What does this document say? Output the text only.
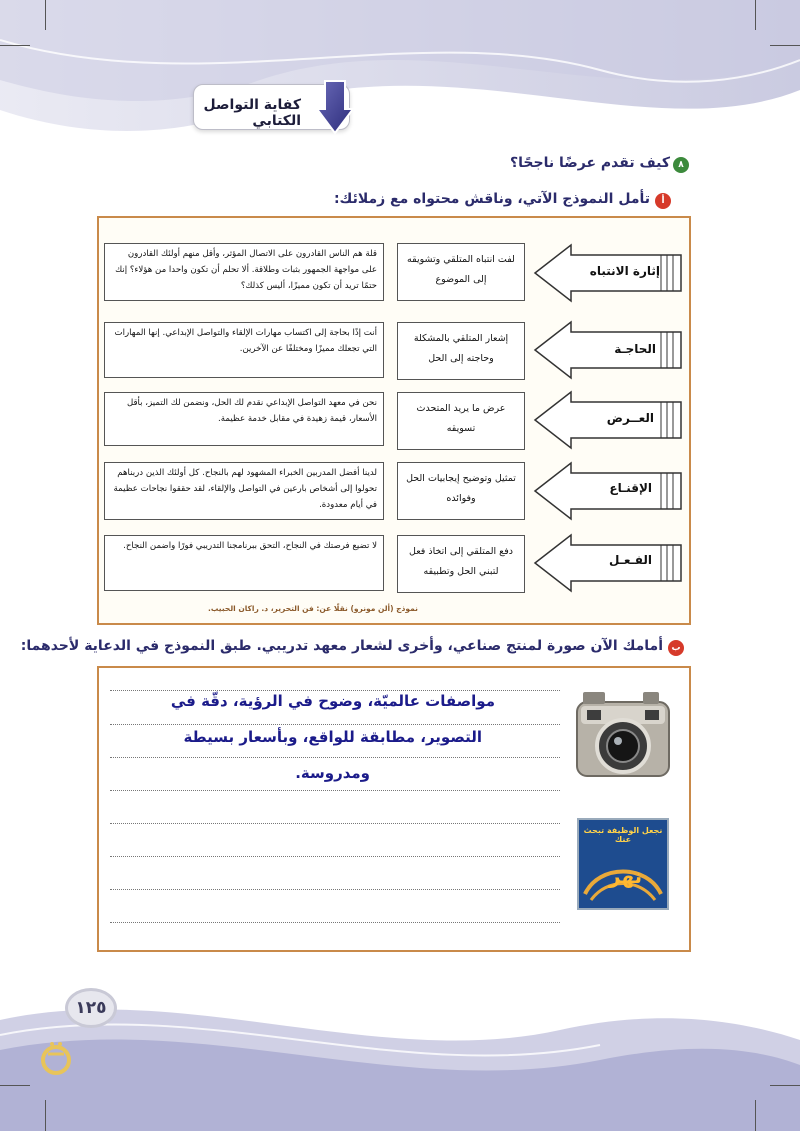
كفاية التواصل الكتابي
٨
كيف تقدم عرضًا ناجحًا؟
أ
تأمل النموذج الآتي، وناقش محتواه مع زملائك:
قلة هم الناس القادرون على الاتصال المؤثر، وأقل منهم أولئك القادرون على مواجهة الجمهور بثبات وطلاقة. ألا تحلم أن تكون واحدا من هؤلاء؟ إنك حتمًا تريد أن تكون مميزًا، أليس كذلك؟
لفت انتباه المتلقي وتشويقه إلى الموضوع
إثارة الانتباه
أنت إذًا بحاجة إلى اكتساب مهارات الإلقاء والتواصل الإبداعي. إنها المهارات التي تجعلك مميزًا ومختلفًا عن الآخرين.
إشعار المتلقي بالمشكلة وحاجته إلى الحل
الحاجـة
نحن في معهد التواصل الإبداعي نقدم لك الحل، ونضمن لك التميز، بأقل الأسعار، قيمة زهيدة في مقابل خدمة عظيمة.
عرض ما يريد المتحدث تسويقه
العــرض
لدينا أفضل المدربين الخبراء المشهود لهم بالنجاح. كل أولئك الذين دربناهم تحولوا إلى أشخاص بارعين في التواصل والإلقاء، لقد حققوا نجاحات عظيمة في أيام معدودة.
تمثيل وتوضيح إيجابيات الحل وفوائده
الإقنـاع
لا تضيع فرصتك في النجاح، التحق ببرنامجنا التدريبي فورًا واضمن النجاح.	دفع المتلقي إلى اتخاذ فعل لتبني الحل وتطبيقه
الفـعـل
نموذج (ألن مونرو) نقلًا عن: فن التحرير، د. راكان الحبيب.
ب
أمامك الآن صورة لمنتج صناعي، وأخرى لشعار معهد تدريبي. طبق النموذج في الدعاية لأحدهما:
مواصفات عالميّة، وضوح في الرؤية، دقّة في
التصوير، مطابقة للواقع، وبأسعار بسيطة
ومدروسة.
نجعل الوظيفة تبحث عنك
نهر
١٢٥
